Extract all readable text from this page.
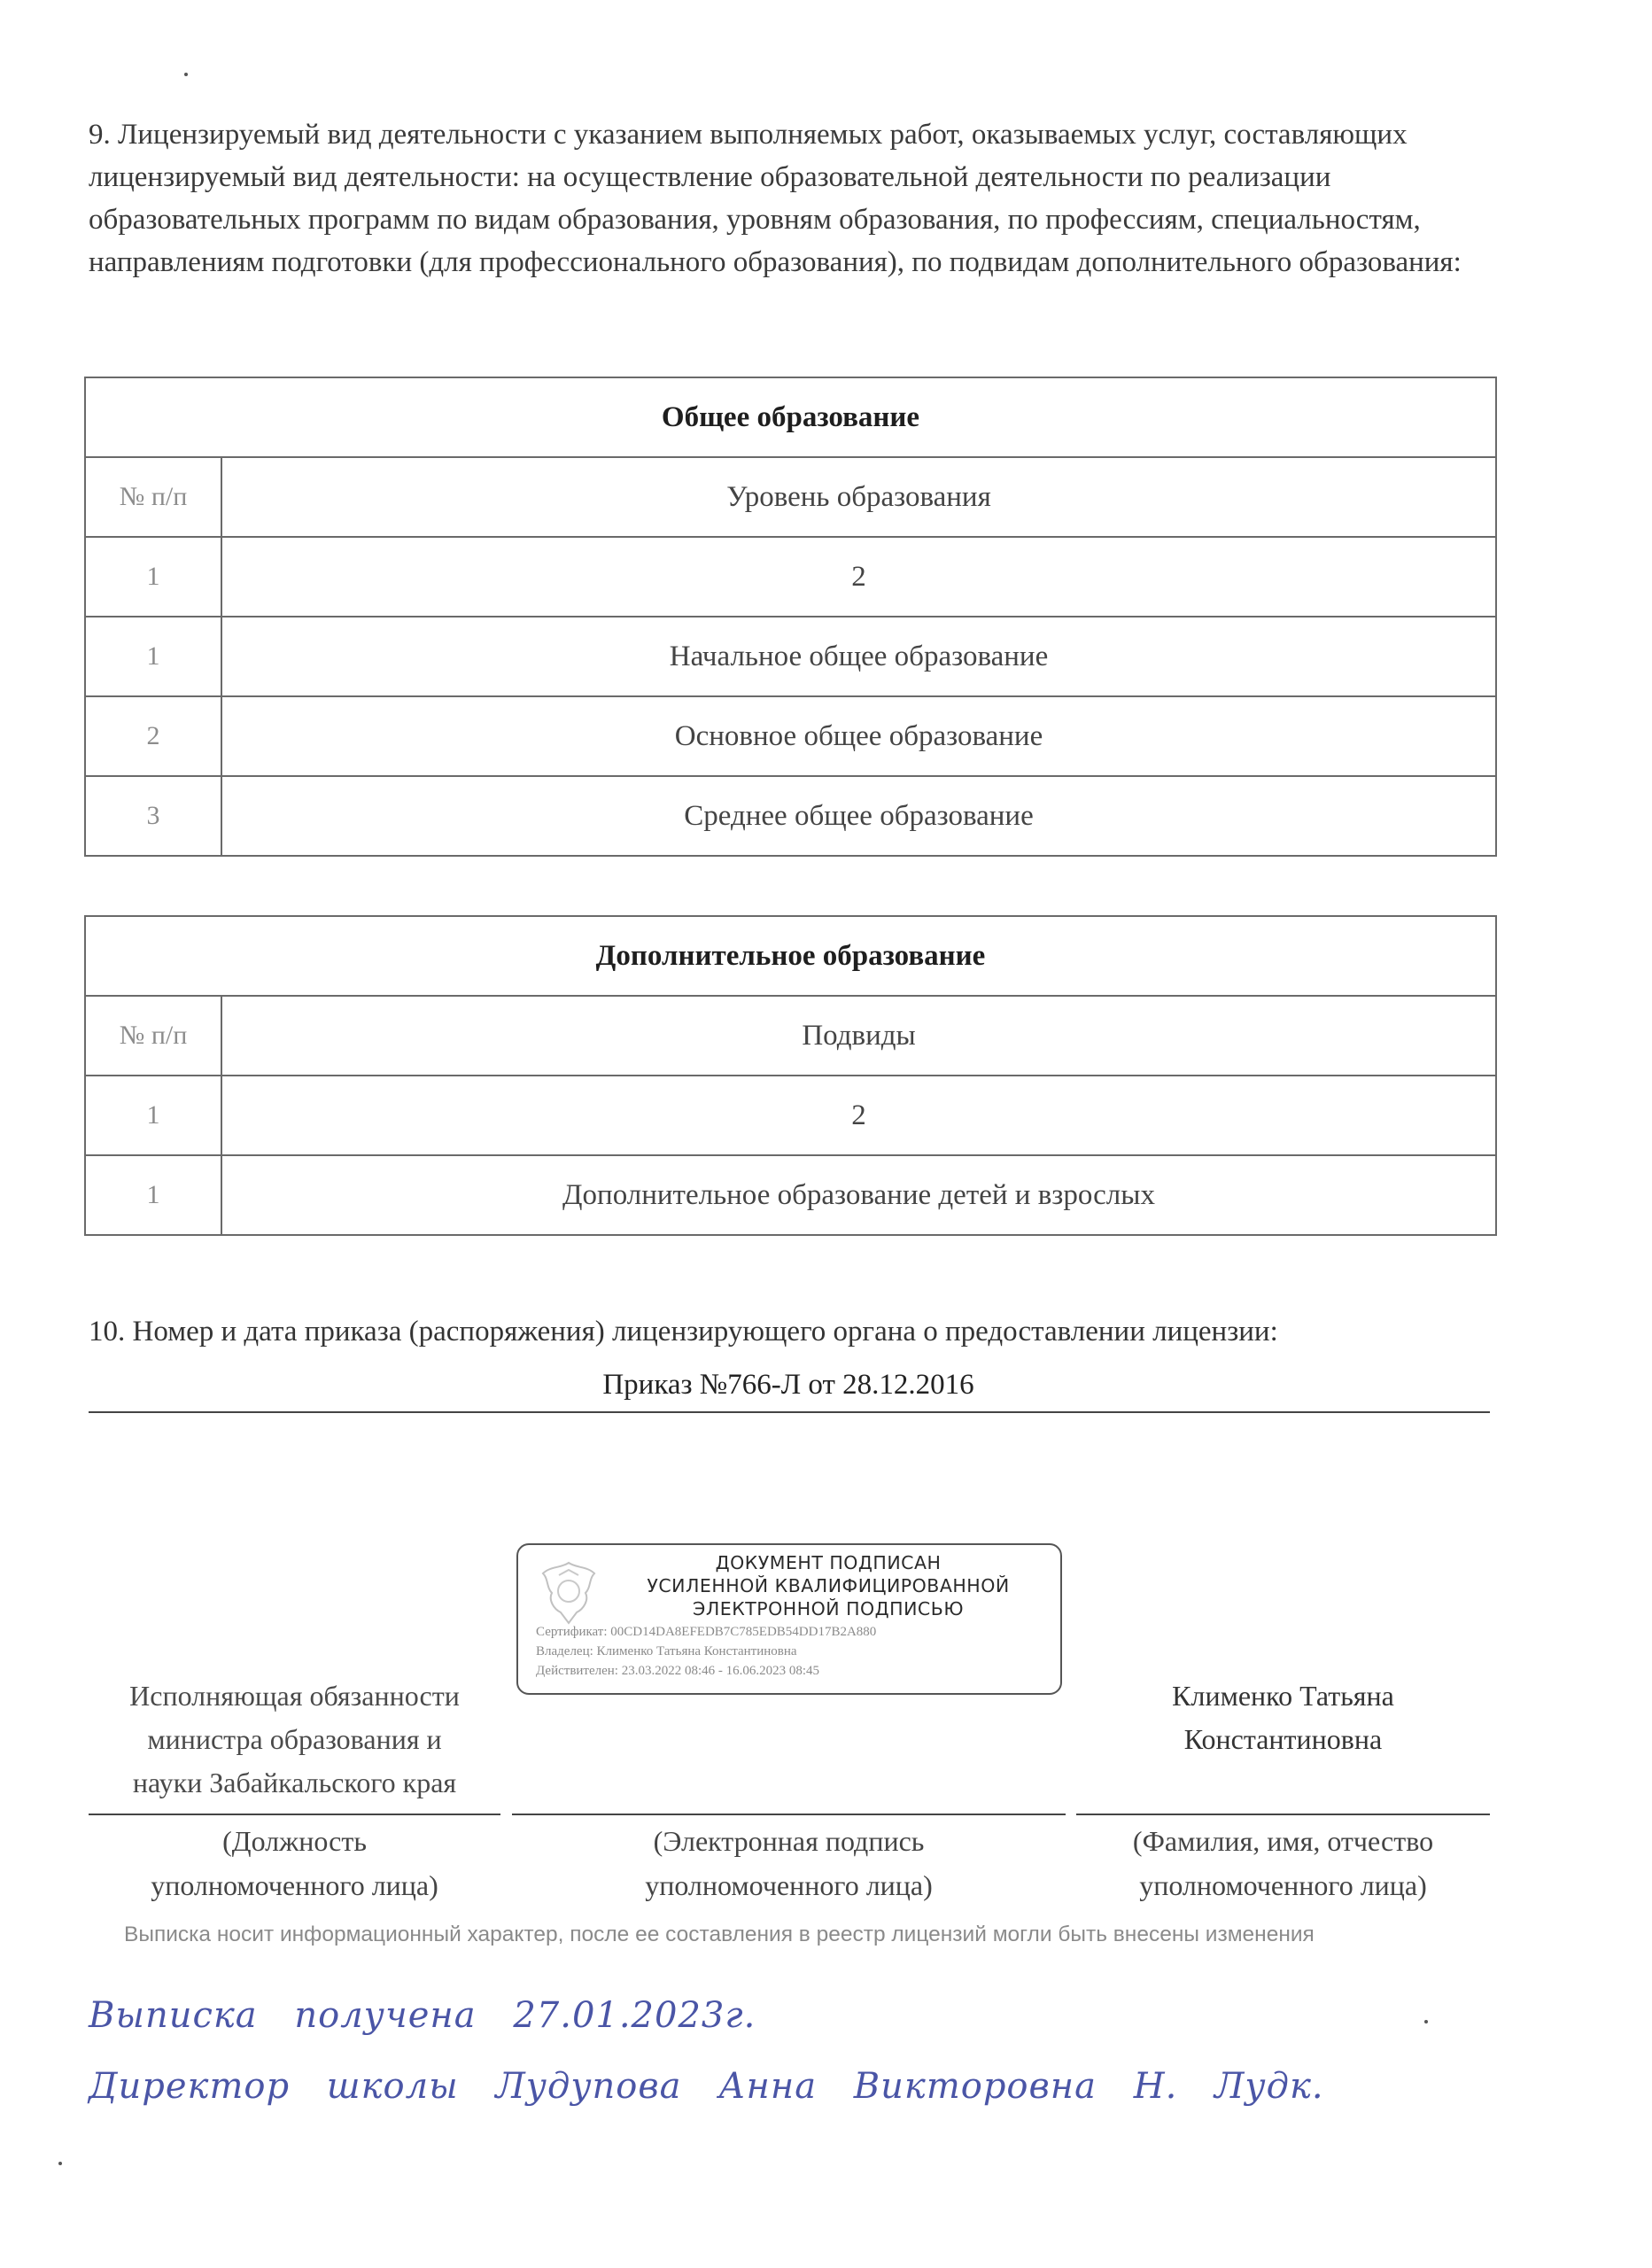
9. Лицензируемый вид деятельности с указанием выполняемых работ, оказываемых услуг, составляющих лицензируемый вид деятельности: на осуществление образовательной деятельности по реализации образовательных программ по видам образования, уровням образования, по профессиям, специальностям, направлениям подготовки (для профессионального образования), по подвидам дополнительного образования:
Общее образование	
№ п/п	Уровень образования
1	2
1	Начальное общее образование
2	Основное общее образование
3	Среднее общее образование
Дополнительное образование	
№ п/п	Подвиды
1	2
1	Дополнительное образование детей и взрослых
10. Номер и дата приказа (распоряжения) лицензирующего органа о предоставлении лицензии:
Приказ №766-Л от 28.12.2016
ДОКУМЕНТ ПОДПИСАН
УСИЛЕННОЙ КВАЛИФИЦИРОВАННОЙ
ЭЛЕКТРОННОЙ ПОДПИСЬЮ
Сертификат: 00CD14DA8EFEDB7C785EDB54DD17B2A880
Владелец: Клименко Татьяна Константиновна
Действителен: 23.03.2022 08:46 - 16.06.2023 08:45
Исполняющая обязанности
министра образования и
науки Забайкальского края
Клименко Татьяна
Константиновна
(Должность
уполномоченного лица)
(Электронная подпись
уполномоченного лица)
(Фамилия, имя, отчество
уполномоченного лица)
Выписка носит информационный характер, после ее составления в реестр лицензий могли быть внесены изменения
Выписка получена 27.01.2023г.
Директор школы Лудупова Анна Викторовна Н. Лудк.
